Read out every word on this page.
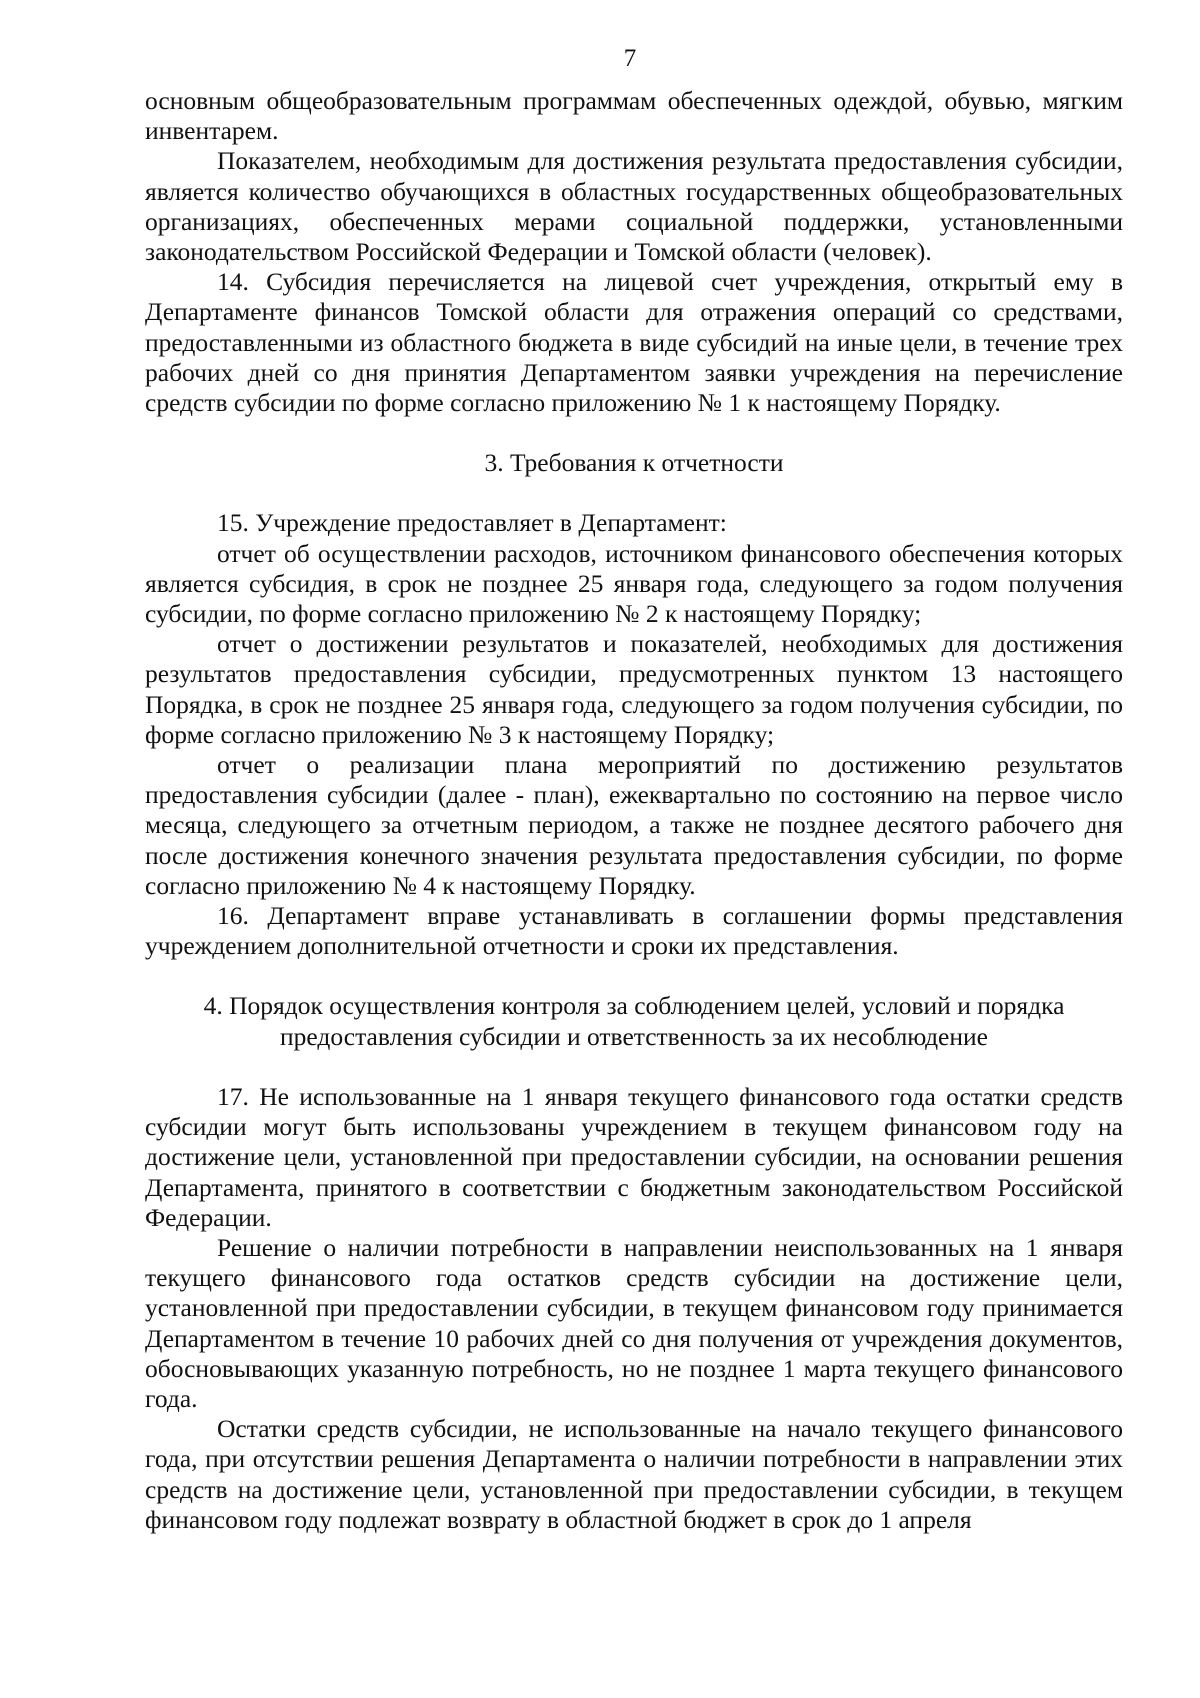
7

основным общеобразовательным программам обеспеченных одеждой, обувью, мягким инвентарем.

Показателем, необходимым для достижения результата предоставления субсидии, является количество обучающихся в областных государственных общеобразовательных организациях, обеспеченных мерами социальной поддержки, установленными законодательством Российской Федерации и Томской области (человек).

14. Субсидия перечисляется на лицевой счет учреждения, открытый ему в Департаменте финансов Томской области для отражения операций со средствами, предоставленными из областного бюджета в виде субсидий на иные цели, в течение трех рабочих дней со дня принятия Департаментом заявки учреждения на перечисление средств субсидии по форме согласно приложению № 1 к настоящему Порядку.

3. Требования к отчетности

15. Учреждение предоставляет в Департамент:

отчет об осуществлении расходов, источником финансового обеспечения которых является субсидия, в срок не позднее 25 января года, следующего за годом получения субсидии, по форме согласно приложению № 2 к настоящему Порядку;

отчет о достижении результатов и показателей, необходимых для достижения результатов предоставления субсидии, предусмотренных пунктом 13 настоящего Порядка, в срок не позднее 25 января года, следующего за годом получения субсидии, по форме согласно приложению № 3 к настоящему Порядку;

отчет о реализации плана мероприятий по достижению результатов предоставления субсидии (далее - план), ежеквартально по состоянию на первое число месяца, следующего за отчетным периодом, а также не позднее десятого рабочего дня после достижения конечного значения результата предоставления субсидии, по форме согласно приложению № 4 к настоящему Порядку.

16. Департамент вправе устанавливать в соглашении формы представления учреждением дополнительной отчетности и сроки их представления.

4. Порядок осуществления контроля за соблюдением целей, условий и порядка

предоставления субсидии и ответственность за их несоблюдение

17. Не использованные на 1 января текущего финансового года остатки средств субсидии могут быть использованы учреждением в текущем финансовом году на достижение цели, установленной при предоставлении субсидии, на основании решения Департамента, принятого в соответствии с бюджетным законодательством Российской Федерации.

Решение о наличии потребности в направлении неиспользованных на 1 января текущего финансового года остатков средств субсидии на достижение цели, установленной при предоставлении субсидии, в текущем финансовом году принимается Департаментом в течение 10 рабочих дней со дня получения от учреждения документов, обосновывающих указанную потребность, но не позднее 1 марта текущего финансового года.

Остатки средств субсидии, не использованные на начало текущего финансового года, при отсутствии решения Департамента о наличии потребности в направлении этих средств на достижение цели, установленной при предоставлении субсидии, в текущем финансовом году подлежат возврату в областной бюджет в срок до 1 апреля
